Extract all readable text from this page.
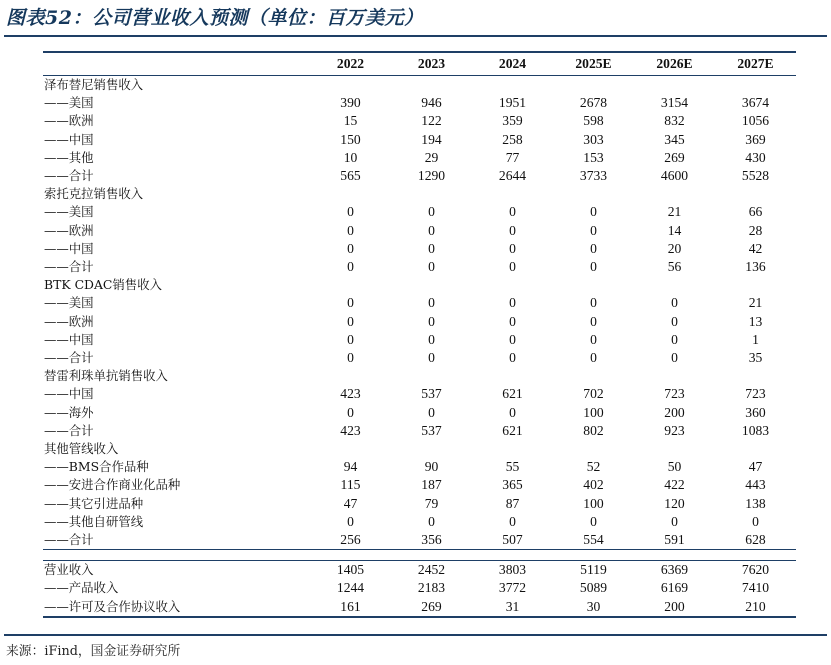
图表52：公司营业收入预测（单位：百万美元）
	2022	2023	2024	2025E	2026E	2027E
泽布替尼销售收入						
——美国	390	946	1951	2678	3154	3674
——欧洲	15	122	359	598	832	1056
——中国	150	194	258	303	345	369
——其他	10	29	77	153	269	430
——合计	565	1290	2644	3733	4600	5528
索托克拉销售收入						
——美国	0	0	0	0	21	66
——欧洲	0	0	0	0	14	28
——中国	0	0	0	0	20	42
——合计	0	0	0	0	56	136
BTK CDAC销售收入						
——美国	0	0	0	0	0	21
——欧洲	0	0	0	0	0	13
——中国	0	0	0	0	0	1
——合计	0	0	0	0	0	35
替雷利珠单抗销售收入						
——中国	423	537	621	702	723	723
——海外	0	0	0	100	200	360
——合计	423	537	621	802	923	1083
其他管线收入						
——BMS合作品种	94	90	55	52	50	47
——安进合作商业化品种	115	187	365	402	422	443
——其它引进品种	47	79	87	100	120	138
——其他自研管线	0	0	0	0	0	0
——合计	256	356	507	554	591	628

营业收入	1405	2452	3803	5119	6369	7620
——产品收入	1244	2183	3772	5089	6169	7410
——许可及合作协议收入	161	269	31	30	200	210
来源：iFind，国金证券研究所
